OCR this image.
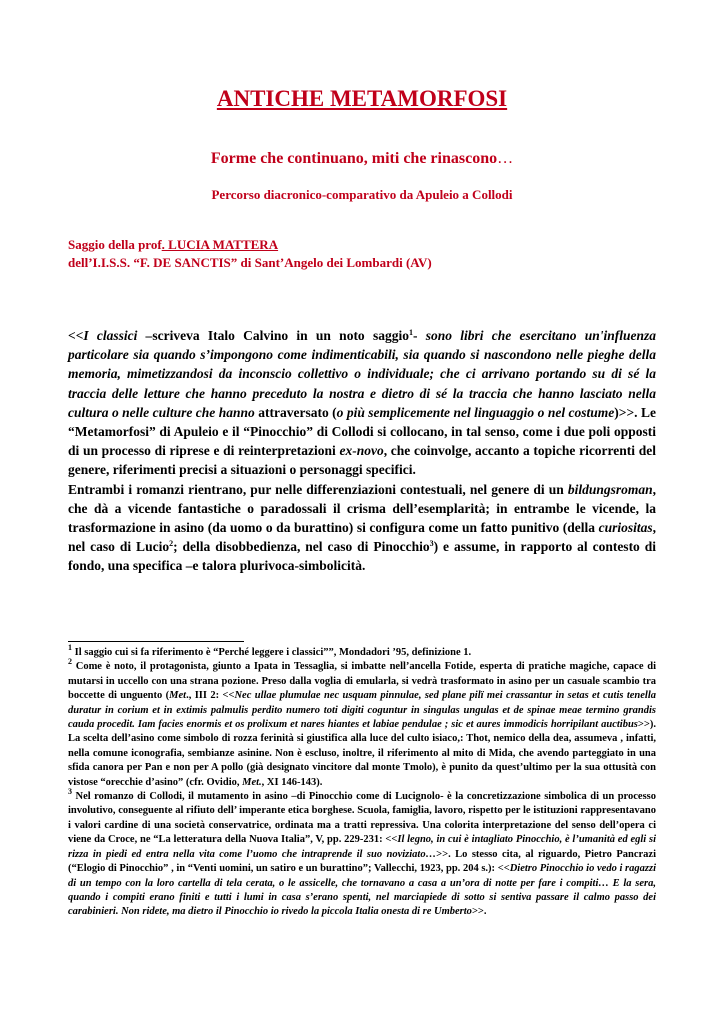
ANTICHE METAMORFOSI
Forme che continuano, miti che rinascono…
Percorso diacronico-comparativo da Apuleio a Collodi
Saggio della prof. LUCIA MATTERA
dell’I.I.S.S. “F. DE SANCTIS” di Sant’Angelo dei Lombardi (AV)

<<I classici –scriveva Italo Calvino in un noto saggio$^1$- sono libri che esercitano un'influenza particolare sia quando s’impongono come indimenticabili, sia quando si nascondono nelle pieghe della memoria, mimetizzandosi da inconscio collettivo o individuale; che ci arrivano portando su di sé la traccia delle letture che hanno preceduto la nostra e dietro di sé la traccia che hanno lasciato nella cultura o nelle culture che hanno attraversato (o più semplicemente nel linguaggio o nel costume)>>. Le “Metamorfosi” di Apuleio e il “Pinocchio” di Collodi si collocano, in tal senso, come i due poli opposti di un processo di riprese e di reinterpretazioni ex-novo, che coinvolge, accanto a topiche ricorrenti del genere, riferimenti precisi a situazioni o personaggi specifici.

Entrambi i romanzi rientrano, pur nelle differenziazioni contestuali, nel genere di un bildungsroman, che dà a vicende fantastiche o paradossali il crisma dell’esemplarità; in entrambe le vicende, la trasformazione in asino (da uomo o da burattino) si configura come un fatto punitivo (della curiositas, nel caso di Lucio$^2$; della disobbedienza, nel caso di Pinocchio$^3$) e assume, in rapporto al contesto di fondo, una specifica –e talora plurivoca-simbolicità.

$^1$ Il saggio cui si fa riferimento è “Perché leggere i classici””, Mondadori ’95, definizione 1.

$^2$ Come è noto, il protagonista, giunto a Ipata in Tessaglia, si imbatte nell’ancella Fotide, esperta di pratiche magiche, capace di mutarsi in uccello con una strana pozione. Preso dalla voglia di emularla, si vedrà trasformato in asino per un casuale scambio tra boccette di unguento (Met., III 2: <<Nec ullae plumulae nec usquam pinnulae, sed plane pilï mei crassantur in setas et cutis tenella duratur in corium et in extimis palmulis perdito numero toti digiti coguntur in singulas ungulas et de spinae meae termino grandis cauda procedit. Iam facies enormis et os prolixum et nares hiantes et labiae pendulae ; sic et aures immodicis horripilant auctibus>>). La scelta dell’asino come simbolo di rozza ferinità si giustifica alla luce del culto isiaco,: Thot, nemico della dea, assumeva , infatti, nella comune iconografia, sembianze asinine. Non è escluso, inoltre, il riferimento al mito di Mida, che avendo parteggiato in una sfida canora per Pan e non per A pollo (già designato vincitore dal monte Tmolo), è punito da quest’ultimo per la sua ottusità con vistose “orecchie d’asino” (cfr. Ovidio, Met., XI 146-143).

$^3$ Nel romanzo di Collodi, il mutamento in asino –di Pinocchio come di Lucignolo- è la concretizzazione simbolica di un processo involutivo, conseguente al rifiuto dell’ imperante etica borghese. Scuola, famiglia, lavoro, rispetto per le istituzioni rappresentavano i valori cardine di una società conservatrice, ordinata ma a tratti repressiva. Una colorita interpretazione del senso dell’opera ci viene da Croce, ne “La letteratura della Nuova Italia”, V, pp. 229-231: <<Il legno, in cui è intagliato Pinocchio, è l’umanità ed egli si rizza in piedi ed entra nella vita come l’uomo che intraprende il suo noviziato…>>. Lo stesso cita, al riguardo, Pietro Pancrazi (“Elogio di Pinocchio” , in “Venti uomini, un satiro e un burattino”; Vallecchi, 1923, pp. 204 s.): <<Dietro Pinocchio io vedo i ragazzi di un tempo con la loro cartella di tela cerata, o le assicelle, che tornavano a casa a un’ora di notte per fare i compiti… E la sera, quando i compiti erano finiti e tutti i lumi in casa s’erano spenti, nel marciapiede di sotto si sentiva passare il calmo passo dei carabinieri. Non ridete, ma dietro il Pinocchio io rivedo la piccola Italia onesta di re Umberto>>.
